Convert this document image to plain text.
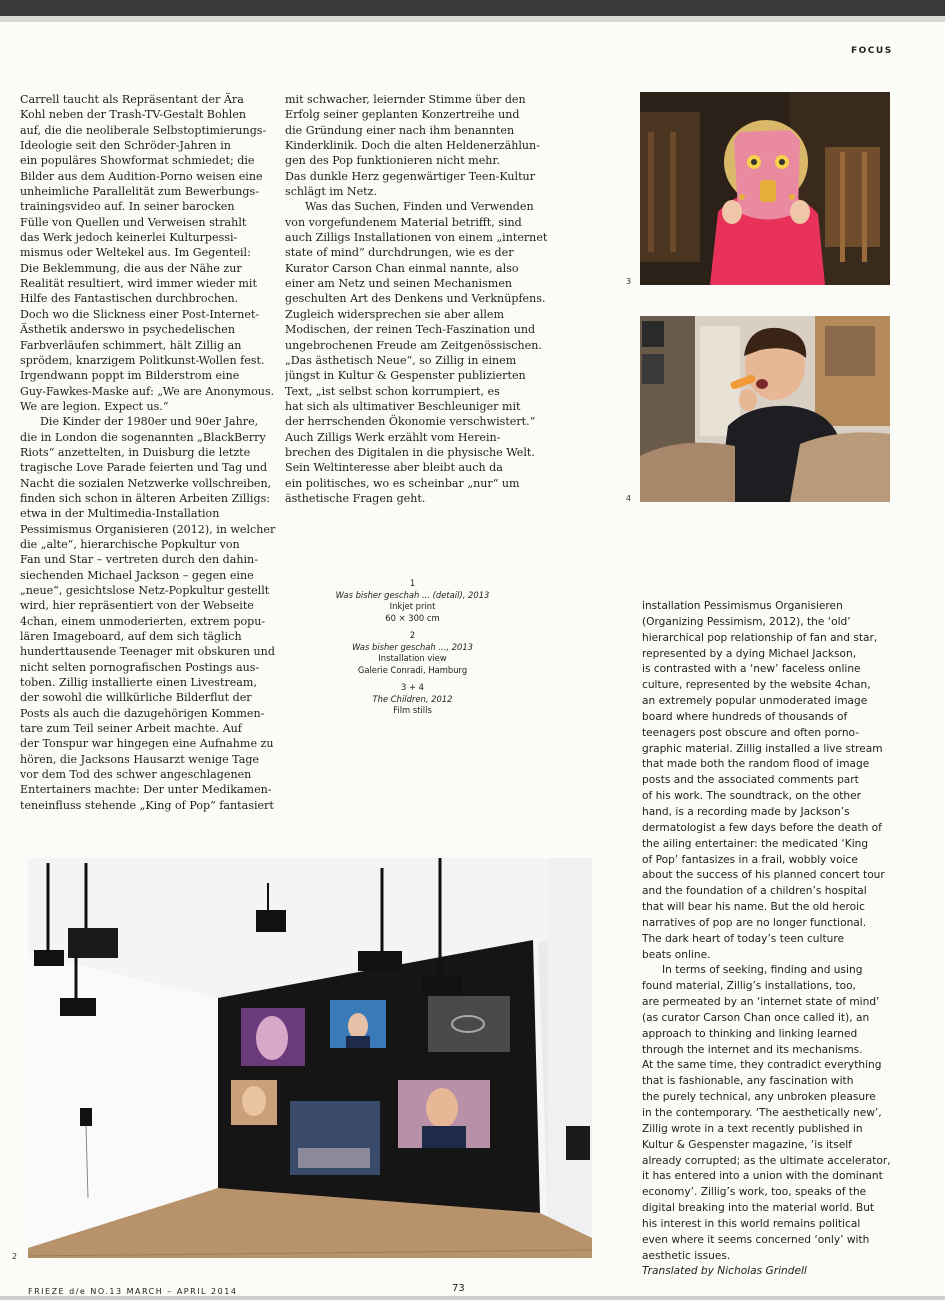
FOCUS
Carrell taucht als Repräsentant der Ära
Kohl neben der Trash-TV-Gestalt Bohlen
auf, die die neoliberale Selbstoptimierungs-
Ideologie seit den Schröder-Jahren in
ein populäres Showformat schmiedet; die
Bilder aus dem Audition-Porno weisen eine
unheimliche Parallelität zum Bewerbungs-
trainingsvideo auf. In seiner barocken
Fülle von Quellen und Verweisen strahlt
das Werk jedoch keinerlei Kulturpessi-
mismus oder Weltekel aus. Im Gegenteil:
Die Beklemmung, die aus der Nähe zur
Realität resultiert, wird immer wieder mit
Hilfe des Fantastischen durchbrochen.
Doch wo die Slickness einer Post-Internet-
Ästhetik anderswo in psychedelischen
Farbverläufen schimmert, hält Zillig an
sprödem, knarzigem Politkunst-Wollen fest.
Irgendwann poppt im Bilderstrom eine
Guy-Fawkes-Maske auf: „We are Anonymous.
We are legion. Expect us.“
Die Kinder der 1980er und 90er Jahre,
die in London die sogenannten „BlackBerry
Riots“ anzettelten, in Duisburg die letzte
tragische Love Parade feierten und Tag und
Nacht die sozialen Netzwerke vollschreiben,
finden sich schon in älteren Arbeiten Zilligs:
etwa in der Multimedia-Installation
Pessimismus Organisieren (2012), in welcher
die „alte“, hierarchische Popkultur von
Fan und Star – vertreten durch den dahin-
siechenden Michael Jackson – gegen eine
„neue“, gesichtslose Netz-Popkultur gestellt
wird, hier repräsentiert von der Webseite
4chan, einem unmoderierten, extrem popu-
lären Imageboard, auf dem sich täglich
hunderttausende Teenager mit obskuren und
nicht selten pornografischen Postings aus-
toben. Zillig installierte einen Livestream,
der sowohl die willkürliche Bilderflut der
Posts als auch die dazugehörigen Kommen-
tare zum Teil seiner Arbeit machte. Auf
der Tonspur war hingegen eine Aufnahme zu
hören, die Jacksons Hausarzt wenige Tage
vor dem Tod des schwer angeschlagenen
Entertainers machte: Der unter Medikamen-
teneinfluss stehende „King of Pop“ fantasiert
mit schwacher, leiernder Stimme über den
Erfolg seiner geplanten Konzertreihe und
die Gründung einer nach ihm benannten
Kinderklinik. Doch die alten Heldenerzählun-
gen des Pop funktionieren nicht mehr.
Das dunkle Herz gegenwärtiger Teen-Kultur
schlägt im Netz.
Was das Suchen, Finden und Verwenden
von vorgefundenem Material betrifft, sind
auch Zilligs Installationen von einem „internet
state of mind“ durchdrungen, wie es der
Kurator Carson Chan einmal nannte, also
einer am Netz und seinen Mechanismen
geschulten Art des Denkens und Verknüpfens.
Zugleich widersprechen sie aber allem
Modischen, der reinen Tech-Faszination und
ungebrochenen Freude am Zeitgenössischen.
„Das ästhetisch Neue“, so Zillig in einem
jüngst in Kultur & Gespenster publizierten
Text, „ist selbst schon korrumpiert, es
hat sich als ultimativer Beschleuniger mit
der herrschenden Ökonomie verschwistert.“
Auch Zilligs Werk erzählt vom Herein-
brechen des Digitalen in die physische Welt.
Sein Weltinteresse aber bleibt auch da
ein politisches, wo es scheinbar „nur“ um
ästhetische Fragen geht.
3
4
1
Was bisher geschah ... (detail), 2013
Inkjet print
60 × 300 cm
2
Was bisher geschah ..., 2013
Installation view
Galerie Conradi, Hamburg
3 + 4
The Children, 2012
Film stills
installation Pessimismus Organisieren
(Organizing Pessimism, 2012), the ‘old’
hierarchical pop relationship of fan and star,
represented by a dying Michael Jackson,
is contrasted with a ‘new’ faceless online
culture, represented by the website 4chan,
an extremely popular unmoderated image
board where hundreds of thousands of
teenagers post obscure and often porno-
graphic material. Zillig installed a live stream
that made both the random flood of image
posts and the associated comments part
of his work. The soundtrack, on the other
hand, is a recording made by Jackson’s
dermatologist a few days before the death of
the ailing entertainer: the medicated ‘King
of Pop’ fantasizes in a frail, wobbly voice
about the success of his planned concert tour
and the foundation of a children’s hospital
that will bear his name. But the old heroic
narratives of pop are no longer functional.
The dark heart of today’s teen culture
beats online.
In terms of seeking, finding and using
found material, Zillig’s installations, too,
are permeated by an ‘internet state of mind’
(as curator Carson Chan once called it), an
approach to thinking and linking learned
through the internet and its mechanisms.
At the same time, they contradict everything
that is fashionable, any fascination with
the purely technical, any unbroken pleasure
in the contemporary. ‘The aesthetically new’,
Zillig wrote in a text recently published in
Kultur & Gespenster magazine, ‘is itself
already corrupted; as the ultimate accelerator,
it has entered into a union with the dominant
economy’. Zillig’s work, too, speaks of the
digital breaking into the material world. But
his interest in this world remains political
even where it seems concerned ‘only’ with
aesthetic issues.
Translated by Nicholas Grindell
2
FRIEZE d/e NO.13 MARCH – APRIL 2014	73
